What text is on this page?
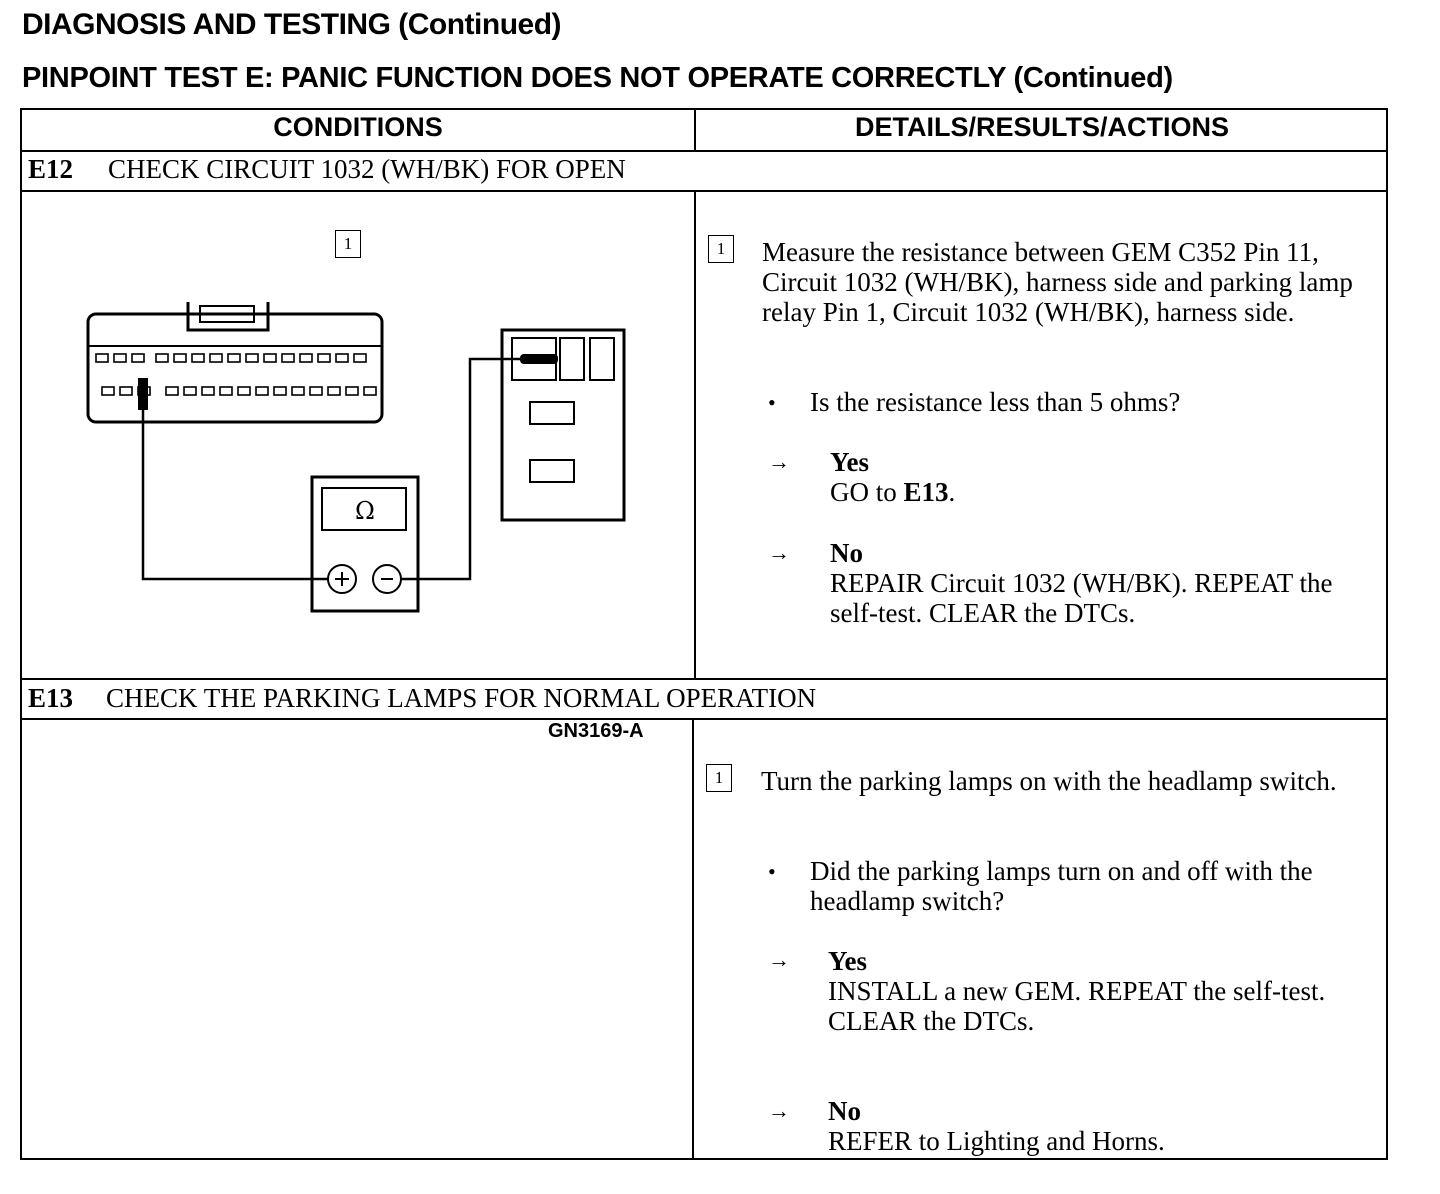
DIAGNOSIS AND TESTING (Continued)
PINPOINT TEST E: PANIC FUNCTION DOES NOT OPERATE CORRECTLY (Continued)
CONDITIONS	DETAILS/RESULTS/ACTIONS
E12 CHECK CIRCUIT 1032 (WH/BK) FOR OPEN
1
Ω
GN3169-A
1	Measure the resistance between GEM C352 Pin 11, Circuit 1032 (WH/BK), harness side and parking lamp relay Pin 1, Circuit 1032 (WH/BK), harness side.
• Is the resistance less than 5 ohms?
→ Yes
GO to E13.
→ No
REPAIR Circuit 1032 (WH/BK). REPEAT the self-test. CLEAR the DTCs.
E13 CHECK THE PARKING LAMPS FOR NORMAL OPERATION
1	Turn the parking lamps on with the headlamp switch.
• Did the parking lamps turn on and off with the headlamp switch?
→ Yes
INSTALL a new GEM. REPEAT the self-test. CLEAR the DTCs.
→ No
REFER to Lighting and Horns.
